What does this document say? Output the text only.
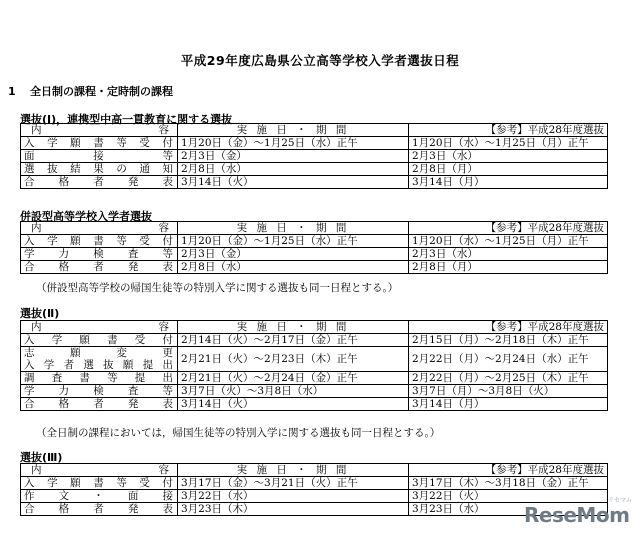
平成29年度広島県公立高等学校入学者選抜日程
1 全日制の課程・定時制の課程
選抜(Ⅰ)，連携型中高一貫教育に関する選抜
内 容	実 施 日 ・ 期 間	【参考】平成28年度選抜
入学願書等受付	1月20日（金）～1月25日（水）正午	1月20日（水）～1月25日（月）正午
面接等	2月3日（金）	2月3日（水）
選抜結果の通知	2月8日（水）	2月8日（月）
合格者発表	3月14日（火）	3月14日（月）
併設型高等学校入学者選抜
内 容	実 施 日 ・ 期 間	【参考】平成28年度選抜
入学願書等受付	1月20日（金）～1月25日（水）正午	1月20日（水）～1月25日（月）正午
学力検査等	2月3日（金）	2月3日（水）
合格者発表	2月8日（水）	2月8日（月）
（併設型高等学校の帰国生徒等の特別入学に関する選抜も同一日程とする。）
選抜(Ⅱ)
内 容	実 施 日 ・ 期 間	【参考】平成28年度選抜
入学願書受付	2月14日（火）～2月17日（金）正午	2月15日（月）～2月18日（木）正午

志願変更
入学者選抜願提出	2月21日（火）～2月23日（木）正午	2月22日（月）～2月24日（水）正午
調査書等提出	2月21日（火）～2月24日（金）正午	2月22日（月）～2月25日（木）正午
学力検査等	3月7日（火）～3月8日（水）	3月7日（月）～3月8日（火）
合格者発表	3月14日（火）	3月14日（月）
（全日制の課程においては，帰国生徒等の特別入学に関する選抜も同一日程とする。）
選抜(Ⅲ)
内 容	実 施 日 ・ 期 間	【参考】平成28年度選抜
入学願書等受付	3月17日（金）～3月21日（火）正午	3月17日（木）～3月18日（金）正午
作文・面接	3月22日（水）	3月22日（火）
合格者発表	3月23日（木）	3月23日（水）
リセマム
ReseMom
